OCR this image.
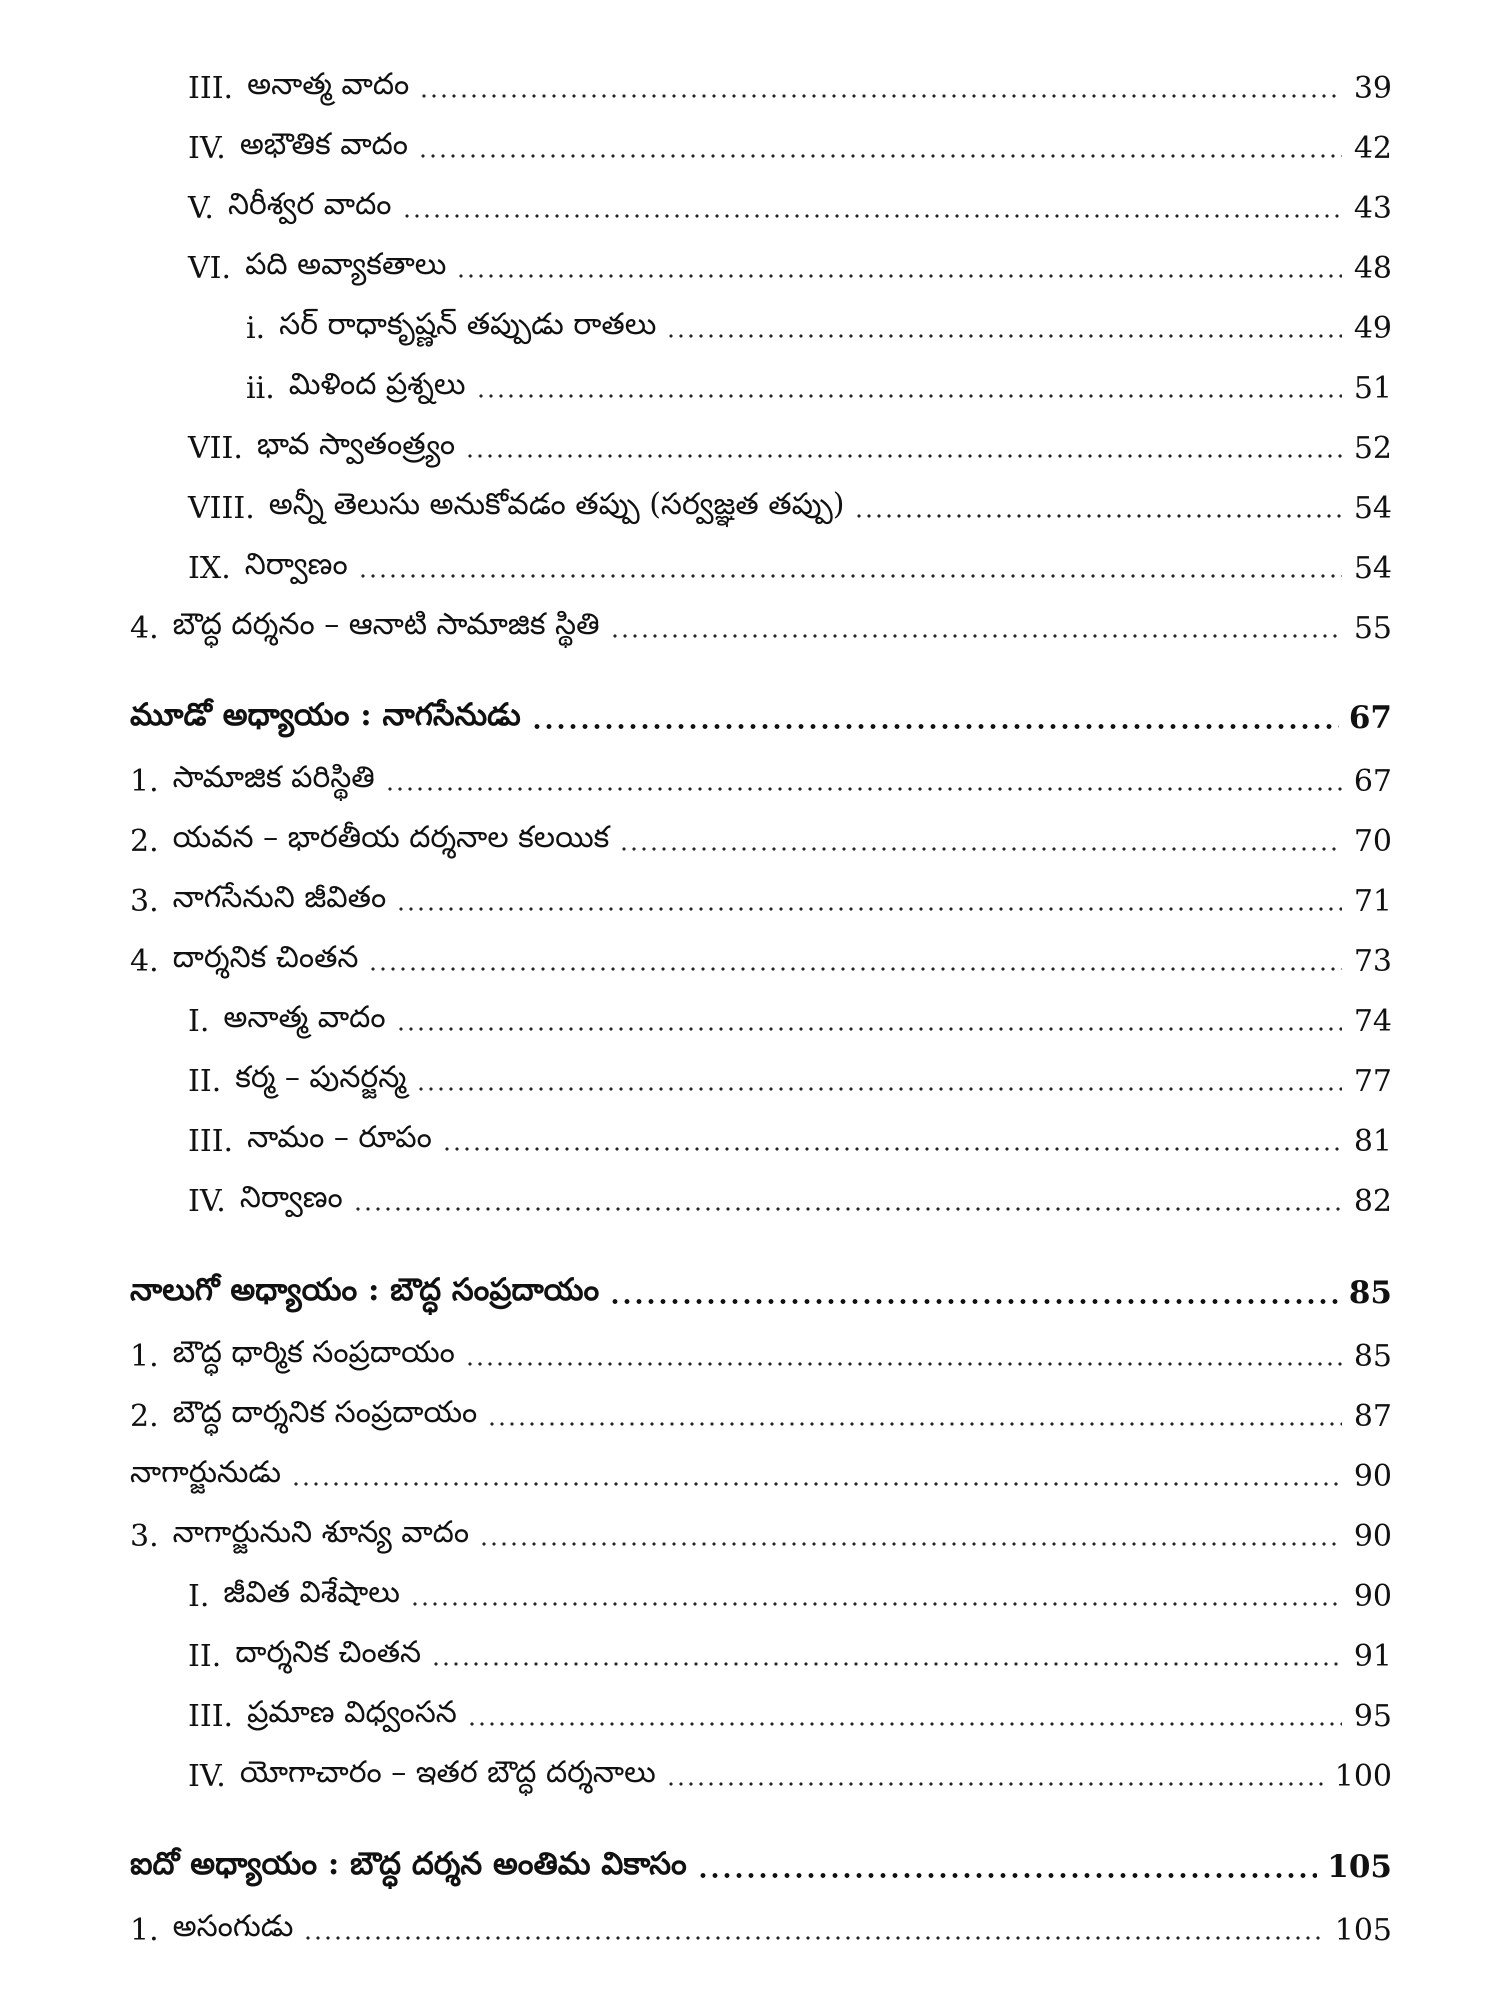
III. అనాత్మ వాదం	39
IV. అభౌతిక వాదం	42
V. నిరీశ్వర వాదం	43
VI. పది అవ్యాకతాలు	48
i. సర్ రాధాకృష్ణన్ తప్పుడు రాతలు	49
ii. మిళింద ప్రశ్నలు	51
VII. భావ స్వాతంత్ర్యం	52
VIII. అన్నీ తెలుసు అనుకోవడం తప్పు (సర్వజ్ఞత తప్పు)	54
IX. నిర్వాణం	54
4. బౌద్ధ దర్శనం – ఆనాటి సామాజిక స్థితి	55
మూడో అధ్యాయం : నాగసేనుడు	67
1. సామాజిక పరిస్థితి	67
2. యవన – భారతీయ దర్శనాల కలయిక	70
3. నాగసేనుని జీవితం	71
4. దార్శనిక చింతన	73
I. అనాత్మ వాదం	74
II. కర్మ – పునర్జన్మ	77
III. నామం – రూపం	81
IV. నిర్వాణం	82
నాలుగో అధ్యాయం : బౌద్ధ సంప్రదాయం	85
1. బౌద్ధ ధార్మిక సంప్రదాయం	85
2. బౌద్ధ దార్శనిక సంప్రదాయం	87
నాగార్జునుడు	90
3. నాగార్జునుని శూన్య వాదం	90
I. జీవిత విశేషాలు	90
II. దార్శనిక చింతన	91
III. ప్రమాణ విధ్వంసన	95
IV. యోగాచారం – ఇతర బౌద్ధ దర్శనాలు	100
ఐదో అధ్యాయం : బౌద్ధ దర్శన అంతిమ వికాసం	105
1. అసంగుడు	105
